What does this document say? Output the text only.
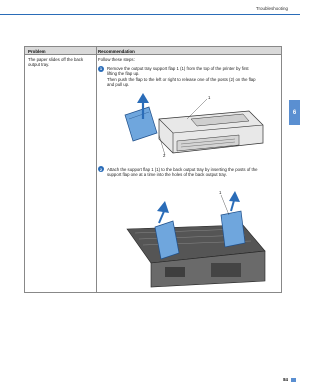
Troubleshooting
6
Problem	Recommendation
The paper slides off the back output tray.
Follow these steps:
1	Remove the output tray support flap 1 (1) from the top of the printer by first
lifting the flap up.
Then push the flap to the left or right to release one of the posts (2) on the flap
and pull up.
1
2
2	Attach the support flap 1 (1) to the back output tray by inserting the posts of the
support flap one at a time into the holes of the back output tray.
1
84
